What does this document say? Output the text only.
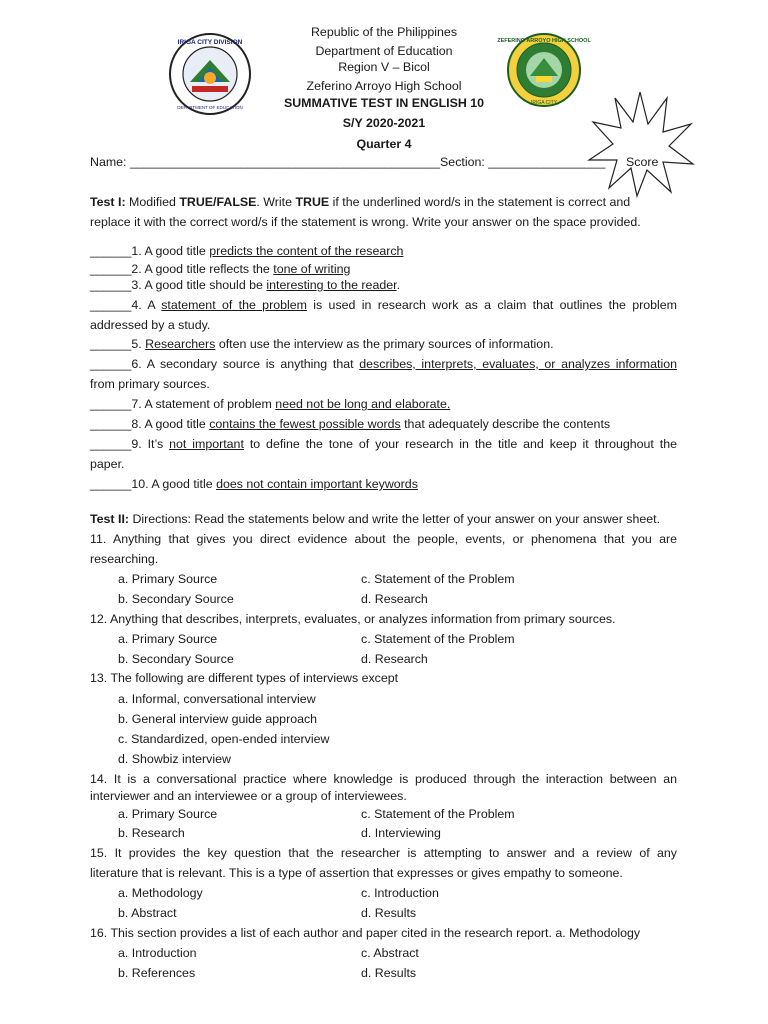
IRIGA CITY DIVISION
DEPARTMENT OF EDUCATION
ZEFERINO ARROYO HIGH SCHOOL
IRIGA CITY
Score
Republic of the Philippines
Department of Education
Region V – Bicol
Zeferino Arroyo High School
SUMMATIVE TEST IN ENGLISH 10
S/Y 2020-2021
Quarter 4
Name: _____________________________________________Section: _________________
Test I: Modified TRUE/FALSE. Write TRUE if the underlined word/s in the statement is correct and
replace it with the correct word/s if the statement is wrong. Write your answer on the space provided.
______1. A good title predicts the content of the research
______2. A good title reflects the tone of writing
______3. A good title should be interesting to the reader.
______4. A statement of the problem is used in research work as a claim that outlines the problem
addressed by a study.
______5. Researchers often use the interview as the primary sources of information.
______6. A secondary source is anything that describes, interprets, evaluates, or analyzes information
from primary sources.
______7. A statement of problem need not be long and elaborate.
______8. A good title contains the fewest possible words that adequately describe the contents
______9. It’s not important to define the tone of your research in the title and keep it throughout the
paper.
______10. A good title does not contain important keywords
Test II: Directions: Read the statements below and write the letter of your answer on your answer sheet.
11. Anything that gives you direct evidence about the people, events, or phenomena that you are
researching.
a. Primary Source	c. Statement of the Problem
b. Secondary Source	d. Research
12. Anything that describes, interprets, evaluates, or analyzes information from primary sources.
a. Primary Source	c. Statement of the Problem
b. Secondary Source	d. Research
13. The following are different types of interviews except
a. Informal, conversational interview
b. General interview guide approach
c. Standardized, open-ended interview
d. Showbiz interview
14. It is a conversational practice where knowledge is produced through the interaction between an
interviewer and an interviewee or a group of interviewees.
a. Primary Source	c. Statement of the Problem
b. Research	d. Interviewing
15. It provides the key question that the researcher is attempting to answer and a review of any
literature that is relevant. This is a type of assertion that expresses or gives empathy to someone.
a. Methodology	c. Introduction
b. Abstract	d. Results
16. This section provides a list of each author and paper cited in the research report. a. Methodology
a. Introduction	c. Abstract
b. References	d. Results
